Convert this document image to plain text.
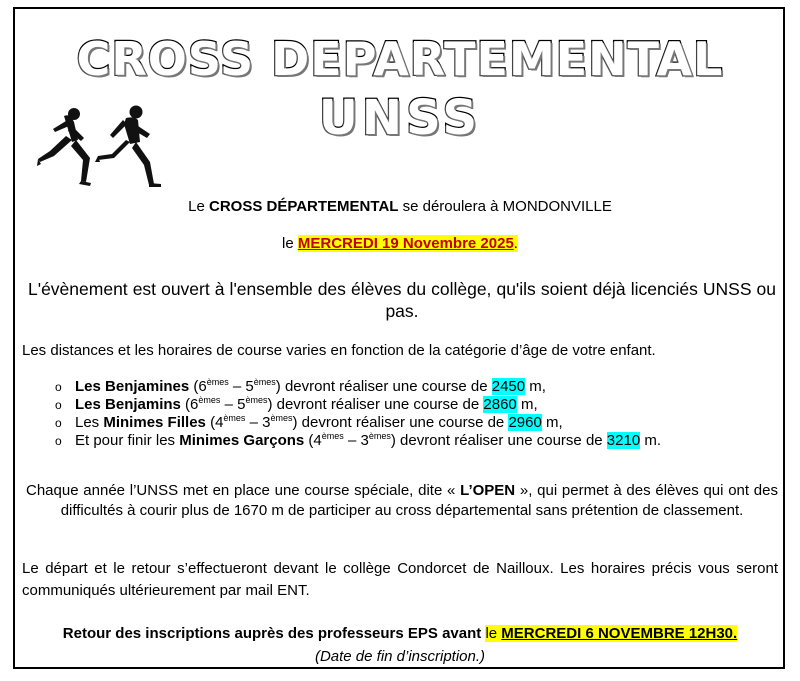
CROSS DEPARTEMENTAL
UNSS
Le CROSS DÉPARTEMENTAL se déroulera à MONDONVILLE
le MERCREDI 19 Novembre 2025.
L'évènement est ouvert à l'ensemble des élèves du collège, qu'ils soient déjà licenciés UNSS ou pas.
Les distances et les horaires de course varies en fonction de la catégorie d’âge de votre enfant.
o Les Benjamines (6èmes – 5èmes) devront réaliser une course de 2450 m,
o Les Benjamins (6èmes – 5èmes) devront réaliser une course de 2860 m,
o Les Minimes Filles (4èmes – 3èmes) devront réaliser une course de 2960 m,
o Et pour finir les Minimes Garçons (4èmes – 3èmes) devront réaliser une course de 3210 m.
Chaque année l’UNSS met en place une course spéciale, dite « L’OPEN », qui permet à des élèves qui ont des difficultés à courir plus de 1670 m de participer au cross départemental sans prétention de classement.
Le départ et le retour s’effectueront devant le collège Condorcet de Nailloux. Les horaires précis vous seront communiqués ultérieurement par mail ENT.
Retour des inscriptions auprès des professeurs EPS avant le MERCREDI 6 NOVEMBRE 12H30.
(Date de fin d’inscription.)
